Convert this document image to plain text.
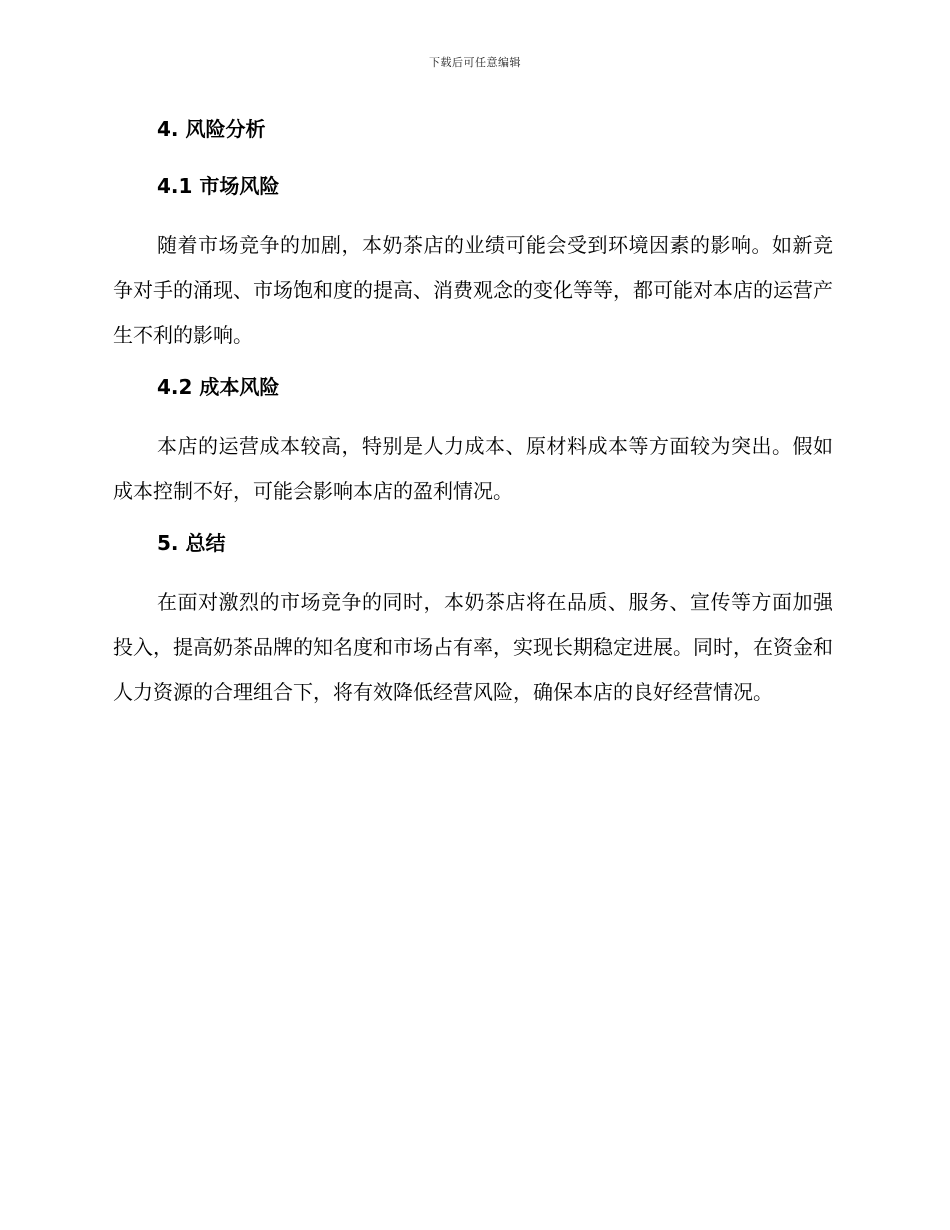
下载后可任意编辑
4. 风险分析
4.1 市场风险

随着市场竞争的加剧，本奶茶店的业绩可能会受到环境因素的影响。如新竞争对手的涌现、市场饱和度的提高、消费观念的变化等等，都可能对本店的运营产生不利的影响。

4.2 成本风险

本店的运营成本较高，特别是人力成本、原材料成本等方面较为突出。假如成本控制不好，可能会影响本店的盈利情况。

5. 总结

在面对激烈的市场竞争的同时，本奶茶店将在品质、服务、宣传等方面加强投入，提高奶茶品牌的知名度和市场占有率，实现长期稳定进展。同时，在资金和人力资源的合理组合下，将有效降低经营风险，确保本店的良好经营情况。
